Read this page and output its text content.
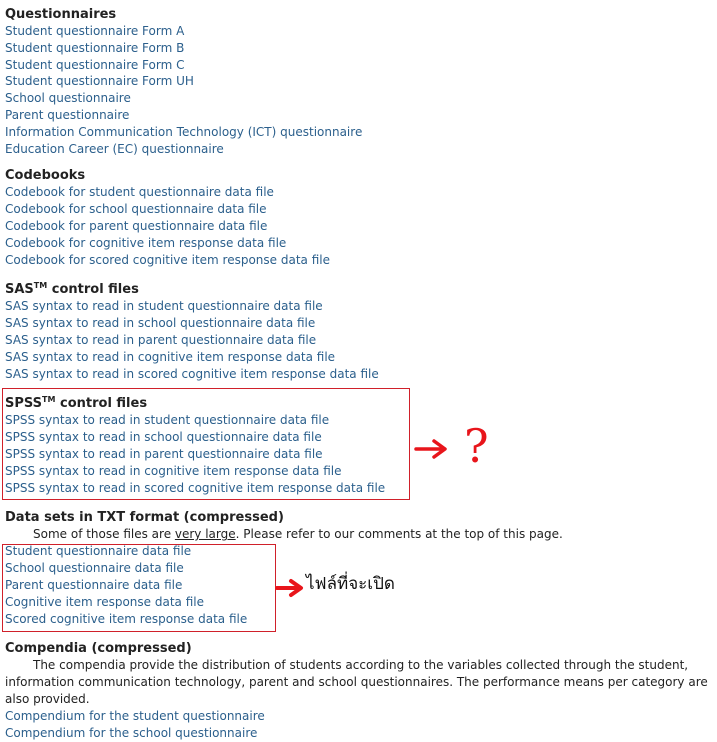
Questionnaires
Student questionnaire Form A
Student questionnaire Form B
Student questionnaire Form C
Student questionnaire Form UH
School questionnaire
Parent questionnaire
Information Communication Technology (ICT) questionnaire
Education Career (EC) questionnaire
Codebooks
Codebook for student questionnaire data file
Codebook for school questionnaire data file
Codebook for parent questionnaire data file
Codebook for cognitive item response data file
Codebook for scored cognitive item response data file
SAS™ control files
SAS syntax to read in student questionnaire data file
SAS syntax to read in school questionnaire data file
SAS syntax to read in parent questionnaire data file
SAS syntax to read in cognitive item response data file
SAS syntax to read in scored cognitive item response data file
SPSS™ control files
SPSS syntax to read in student questionnaire data file
SPSS syntax to read in school questionnaire data file
SPSS syntax to read in parent questionnaire data file
SPSS syntax to read in cognitive item response data file
SPSS syntax to read in scored cognitive item response data file
Data sets in TXT format (compressed)
Some of those files are very large. Please refer to our comments at the top of this page.
Student questionnaire data file
School questionnaire data file
Parent questionnaire data file
Cognitive item response data file
Scored cognitive item response data file
Compendia (compressed)
The compendia provide the distribution of students according to the variables collected through the student, information communication technology, parent and school questionnaires. The performance means per category are also provided.
Compendium for the student questionnaire
Compendium for the school questionnaire
?
ไฟล์ที่จะเปิด
